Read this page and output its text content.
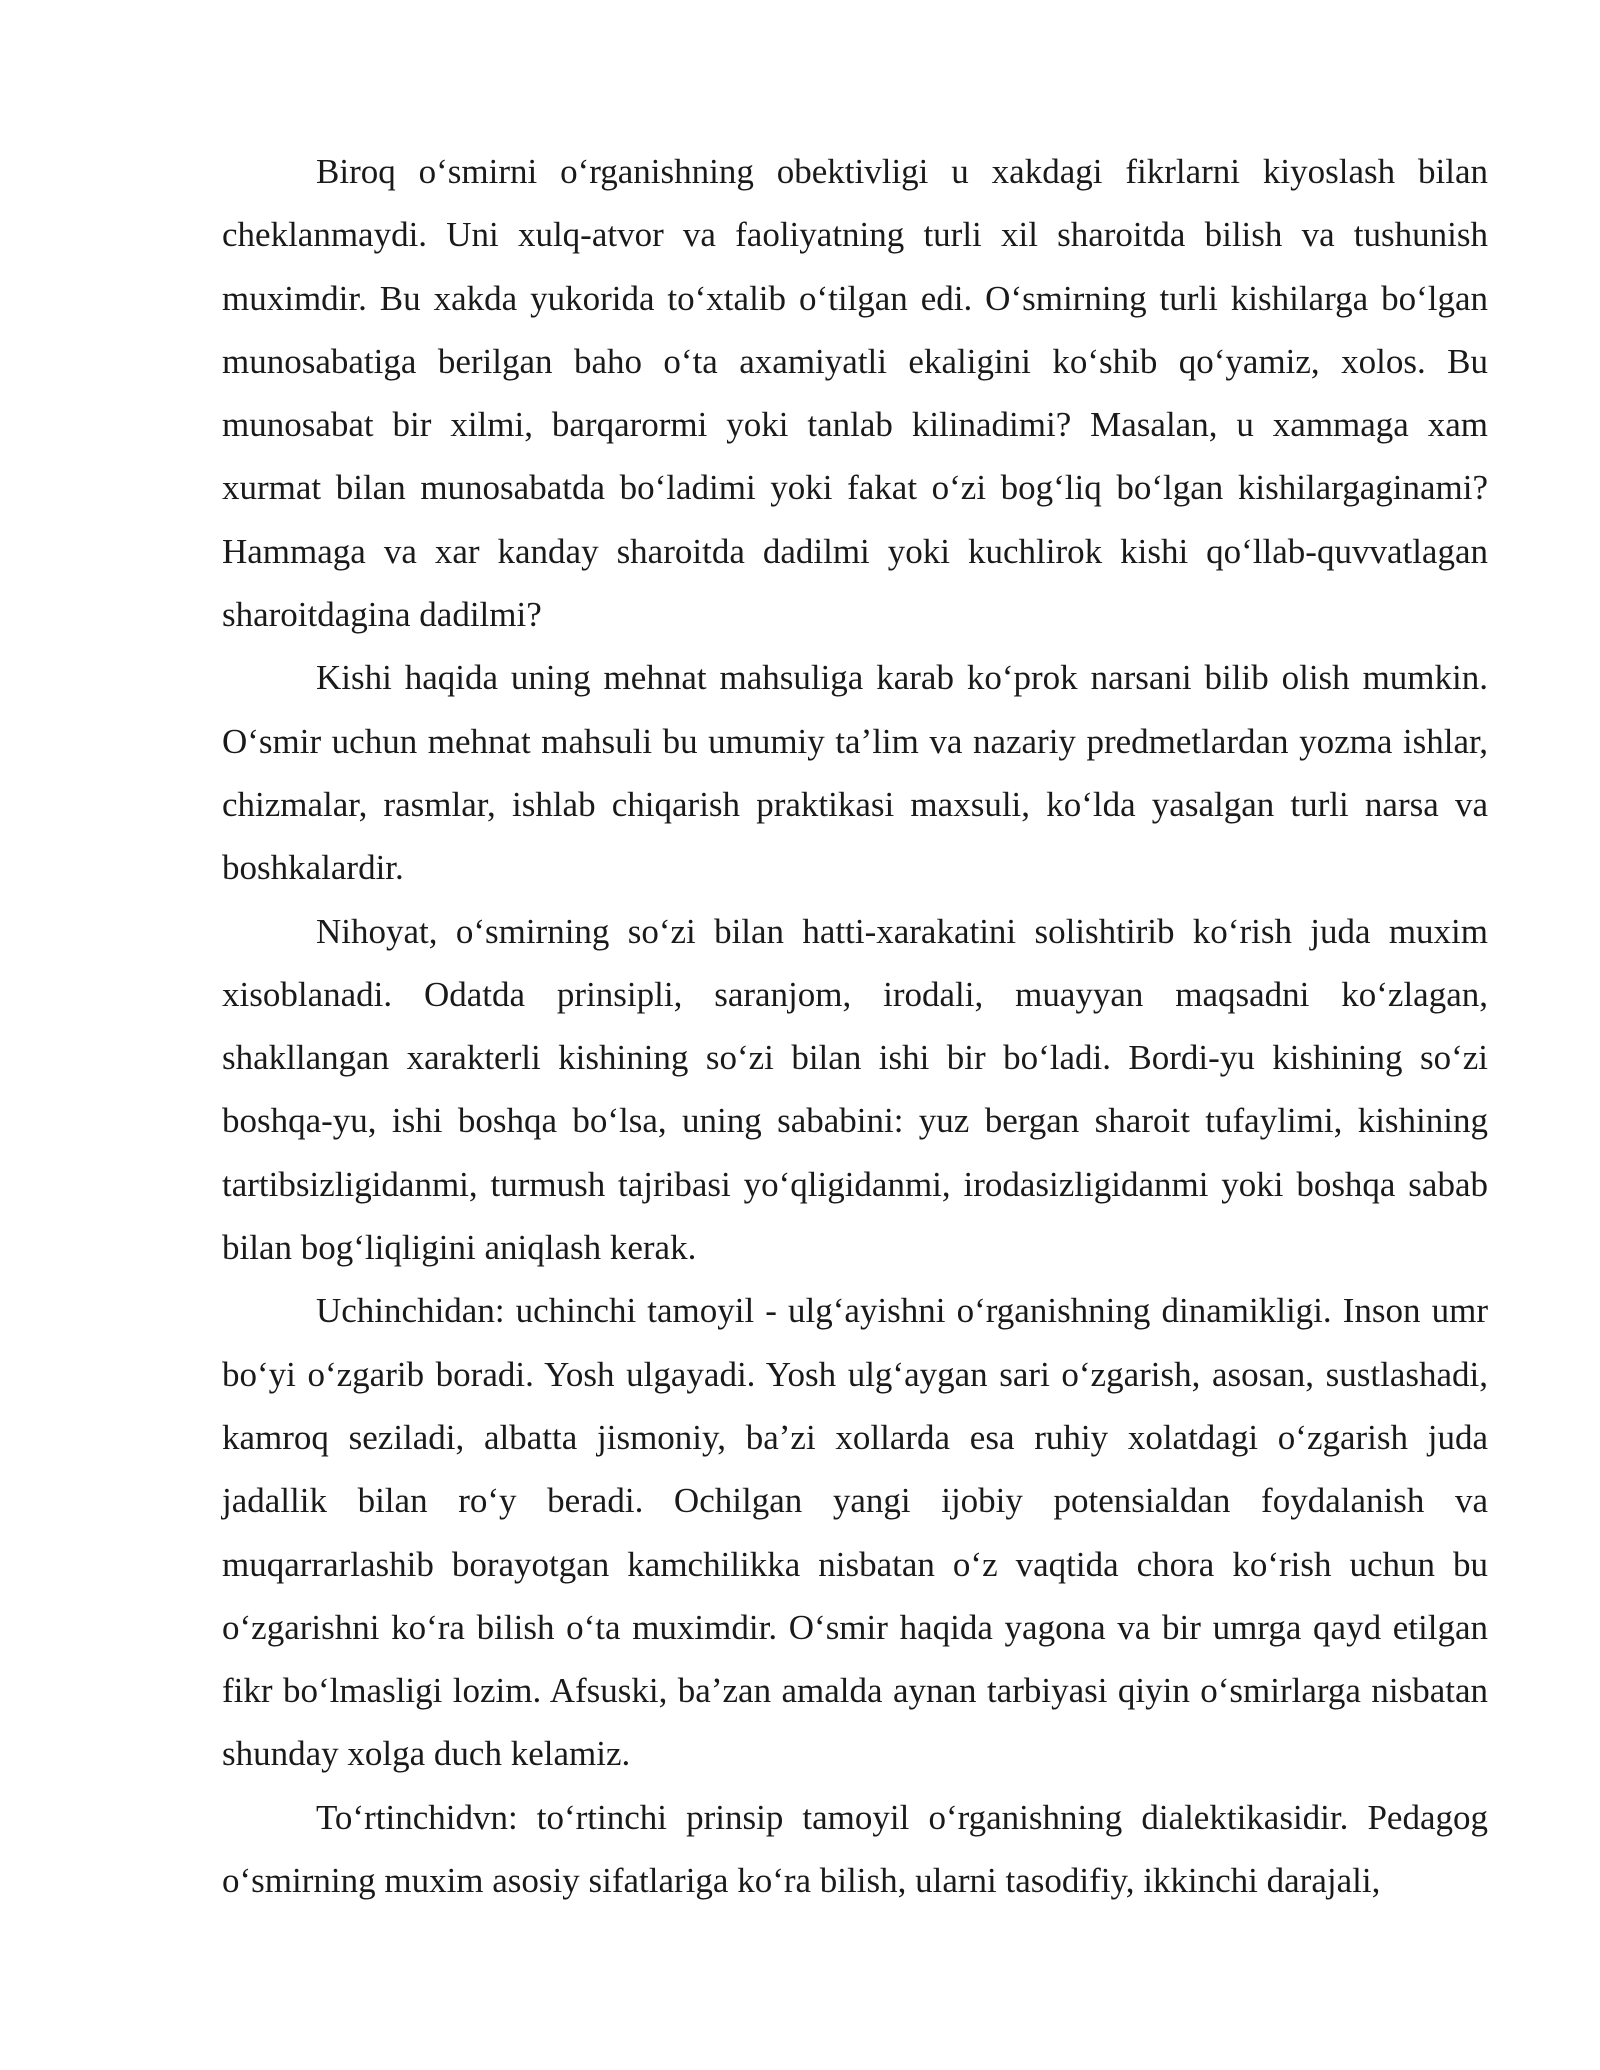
Biroq oʻsmirni oʻrganishning obektivligi u xakdagi fikrlarni kiyoslash bilan cheklanmaydi. Uni xulq-atvor va faoliyatning turli xil sharoitda bilish va tushunish muximdir. Bu xakda yukorida toʻxtalib oʻtilgan edi. Oʻsmirning turli kishilarga boʻlgan munosabatiga berilgan baho oʻta axamiyatli ekaligini koʻshib qoʻyamiz, xolos. Bu munosabat bir xilmi, barqarormi yoki tanlab kilinadimi? Masalan, u xammaga xam xurmat bilan munosabatda boʻladimi yoki fakat oʻzi bogʻliq boʻlgan kishilargaginami? Hammaga va xar kanday sharoitda dadilmi yoki kuchlirok kishi qoʻllab-quvvatlagan sharoitdagina dadilmi?

Kishi haqida uning mehnat mahsuliga karab koʻprok narsani bilib olish mumkin. Oʻsmir uchun mehnat mahsuli bu umumiy taʼlim va nazariy predmetlardan yozma ishlar, chizmalar, rasmlar, ishlab chiqarish praktikasi maxsuli, koʻlda yasalgan turli narsa va boshkalardir.

Nihoyat, oʻsmirning soʻzi bilan hatti-xarakatini solishtirib koʻrish juda muxim xisoblanadi. Odatda prinsipli, saranjom, irodali, muayyan maqsadni koʻzlagan, shakllangan xarakterli kishining soʻzi bilan ishi bir boʻladi. Bordi-yu kishining soʻzi boshqa-yu, ishi boshqa boʻlsa, uning sababini: yuz bergan sharoit tufaylimi, kishining tartibsizligidanmi, turmush tajribasi yoʻqligidanmi, irodasizligidanmi yoki boshqa sabab bilan bogʻliqligini aniqlash kerak.

Uchinchidan: uchinchi tamoyil - ulgʻayishni oʻrganishning dinamikligi. Inson umr boʻyi oʻzgarib boradi. Yosh ulgayadi. Yosh ulgʻaygan sari oʻzgarish, asosan, sustlashadi, kamroq seziladi, albatta jismoniy, baʼzi xollarda esa ruhiy xolatdagi oʻzgarish juda jadallik bilan roʻy beradi. Ochilgan yangi ijobiy potensialdan foydalanish va muqarrarlashib borayotgan kamchilikka nisbatan oʻz vaqtida chora koʻrish uchun bu oʻzgarishni koʻra bilish oʻta muximdir. Oʻsmir haqida yagona va bir umrga qayd etilgan fikr boʻlmasligi lozim. Afsuski, baʼzan amalda aynan tarbiyasi qiyin oʻsmirlarga nisbatan shunday xolga duch kelamiz.

Toʻrtinchidvn: toʻrtinchi prinsip tamoyil oʻrganishning dialektikasidir. Pedagog oʻsmirning muxim asosiy sifatlariga koʻra bilish, ularni tasodifiy, ikkinchi darajali,
